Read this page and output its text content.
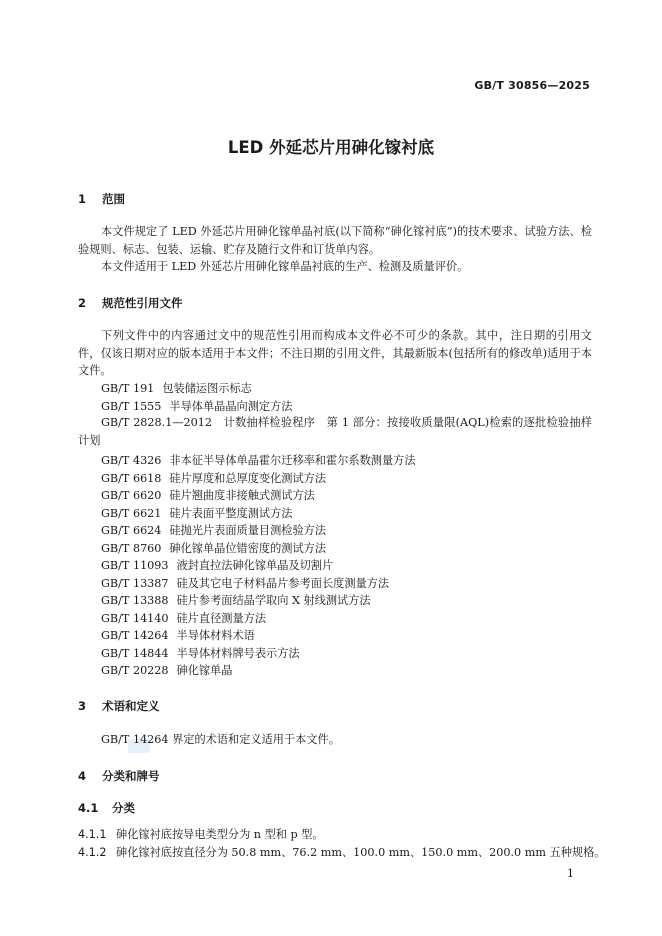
GB/T 30856—2025
LED 外延芯片用砷化镓衬底
1 范围
本文件规定了 LED 外延芯片用砷化镓单晶衬底(以下简称“砷化镓衬底”)的技术要求、试验方法、检验规则、标志、包装、运输、贮存及随行文件和订货单内容。
本文件适用于 LED 外延芯片用砷化镓单晶衬底的生产、检测及质量评价。
2 规范性引用文件
下列文件中的内容通过文中的规范性引用而构成本文件必不可少的条款。其中，注日期的引用文件，仅该日期对应的版本适用于本文件；不注日期的引用文件，其最新版本(包括所有的修改单)适用于本文件。
GB/T 191 包装储运图示标志
GB/T 1555 半导体单晶晶向测定方法
GB/T 2828.1—2012　 计数抽样检验程序　第 1 部分：按接收质量限(AQL)检索的逐批检验抽样计划
GB/T 4326 非本征半导体单晶霍尔迁移率和霍尔系数测量方法
GB/T 6618 硅片厚度和总厚度变化测试方法
GB/T 6620 硅片翘曲度非接触式测试方法
GB/T 6621 硅片表面平整度测试方法
GB/T 6624 硅抛光片表面质量目测检验方法
GB/T 8760 砷化镓单晶位错密度的测试方法
GB/T 11093 液封直拉法砷化镓单晶及切割片
GB/T 13387 硅及其它电子材料晶片参考面长度测量方法
GB/T 13388 硅片参考面结晶学取向 X 射线测试方法
GB/T 14140 硅片直径测量方法
GB/T 14264 半导体材料术语
GB/T 14844 半导体材料牌号表示方法
GB/T 20228 砷化镓单晶
3 术语和定义
GB/T 14264 界定的术语和定义适用于本文件。
4 分类和牌号
4.1 分类
4.1.1 砷化镓衬底按导电类型分为 n 型和 p 型。
4.1.2 砷化镓衬底按直径分为 50.8 mm、76.2 mm、100.0 mm、150.0 mm、200.0 mm 五种规格。
1
